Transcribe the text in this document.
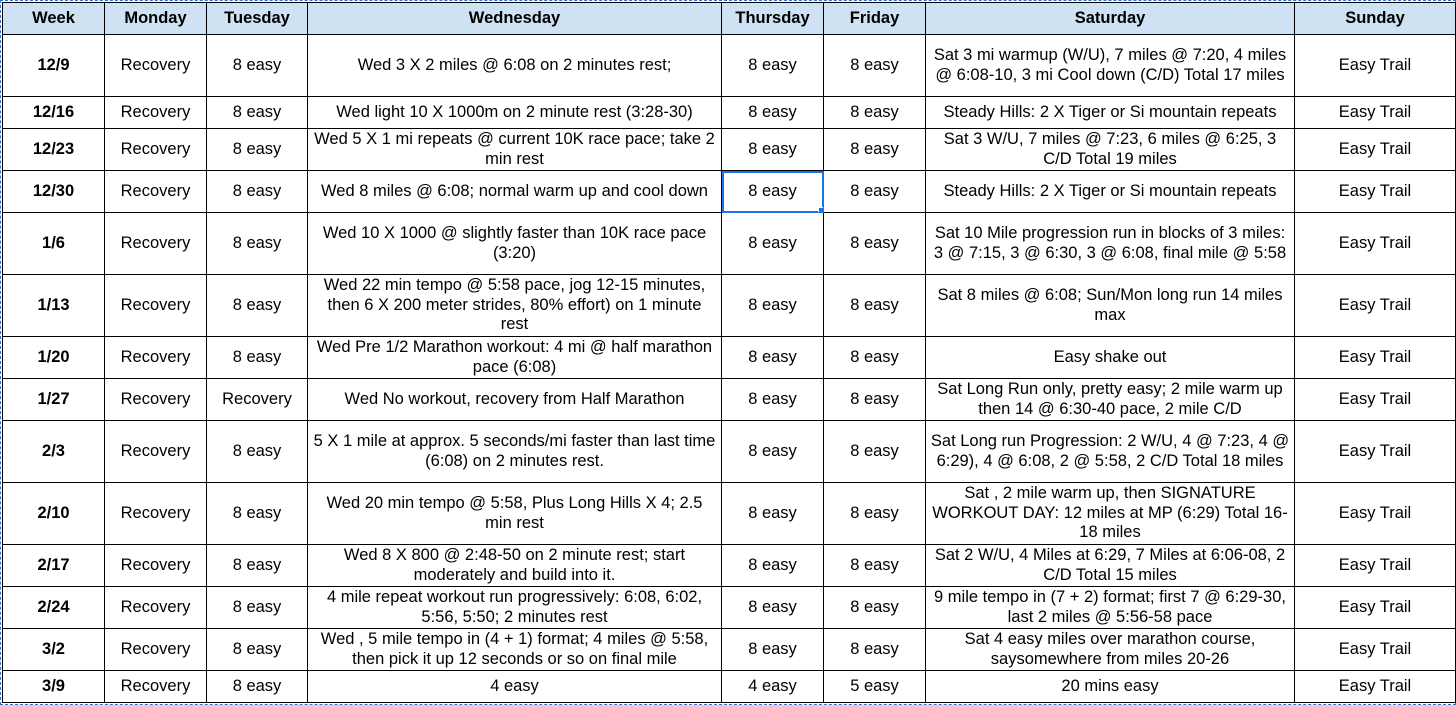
Week	Monday	Tuesday	Wednesday	Thursday	Friday	Saturday	Sunday
12/9	Recovery	8 easy	Wed 3 X 2 miles @ 6:08 on 2 minutes rest;	8 easy	8 easy	Sat 3 mi warmup (W/U), 7 miles @ 7:20, 4 miles @ 6:08-10, 3 mi Cool down (C/D) Total 17 miles	Easy Trail
12/16	Recovery	8 easy	Wed light 10 X 1000m on 2 minute rest (3:28-30)	8 easy	8 easy	Steady Hills: 2 X Tiger or Si mountain repeats	Easy Trail
12/23	Recovery	8 easy	Wed 5 X 1 mi repeats @ current 10K race pace; take 2 min rest	8 easy	8 easy	Sat 3 W/U, 7 miles @ 7:23, 6 miles @ 6:25, 3 C/D Total 19 miles	Easy Trail
12/30	Recovery	8 easy	Wed 8 miles @ 6:08; normal warm up and cool down	8 easy	8 easy	Steady Hills: 2 X Tiger or Si mountain repeats	Easy Trail
1/6	Recovery	8 easy	Wed 10 X 1000 @ slightly faster than 10K race pace (3:20)	8 easy	8 easy	Sat 10 Mile progression run in blocks of 3 miles: 3 @ 7:15, 3 @ 6:30, 3 @ 6:08, final mile @ 5:58	Easy Trail
1/13	Recovery	8 easy	Wed 22 min tempo @ 5:58 pace, jog 12-15 minutes, then 6 X 200 meter strides, 80% effort) on 1 minute rest	8 easy	8 easy	Sat 8 miles @ 6:08; Sun/Mon long run 14 miles max	Easy Trail
1/20	Recovery	8 easy	Wed Pre 1/2 Marathon workout: 4 mi @ half marathon pace (6:08)	8 easy	8 easy	Easy shake out	Easy Trail
1/27	Recovery	Recovery	Wed No workout, recovery from Half Marathon	8 easy	8 easy	Sat Long Run only, pretty easy; 2 mile warm up then 14 @ 6:30-40 pace, 2 mile C/D	Easy Trail
2/3	Recovery	8 easy	5 X 1 mile at approx. 5 seconds/mi faster than last time (6:08) on 2 minutes rest.	8 easy	8 easy	Sat Long run Progression: 2 W/U, 4 @ 7:23, 4 @ 6:29), 4 @ 6:08, 2 @ 5:58, 2 C/D Total 18 miles	Easy Trail
2/10	Recovery	8 easy	Wed 20 min tempo @ 5:58, Plus Long Hills X 4; 2.5 min rest	8 easy	8 easy	Sat , 2 mile warm up, then SIGNATURE WORKOUT DAY: 12 miles at MP (6:29) Total 16-18 miles	Easy Trail
2/17	Recovery	8 easy	Wed 8 X 800 @ 2:48-50 on 2 minute rest; start moderately and build into it.	8 easy	8 easy	Sat 2 W/U, 4 Miles at 6:29, 7 Miles at 6:06-08, 2 C/D Total 15 miles	Easy Trail
2/24	Recovery	8 easy	4 mile repeat workout run progressively: 6:08, 6:02, 5:56, 5:50; 2 minutes rest	8 easy	8 easy	9 mile tempo in (7 + 2) format; first 7 @ 6:29-30, last 2 miles @ 5:56-58 pace	Easy Trail
3/2	Recovery	8 easy	Wed , 5 mile tempo in (4 + 1) format; 4 miles @ 5:58, then pick it up 12 seconds or so on final mile	8 easy	8 easy	Sat 4 easy miles over marathon course, saysomewhere from miles 20-26	Easy Trail
3/9	Recovery	8 easy	4 easy	4 easy	5 easy	20 mins easy	Easy Trail
